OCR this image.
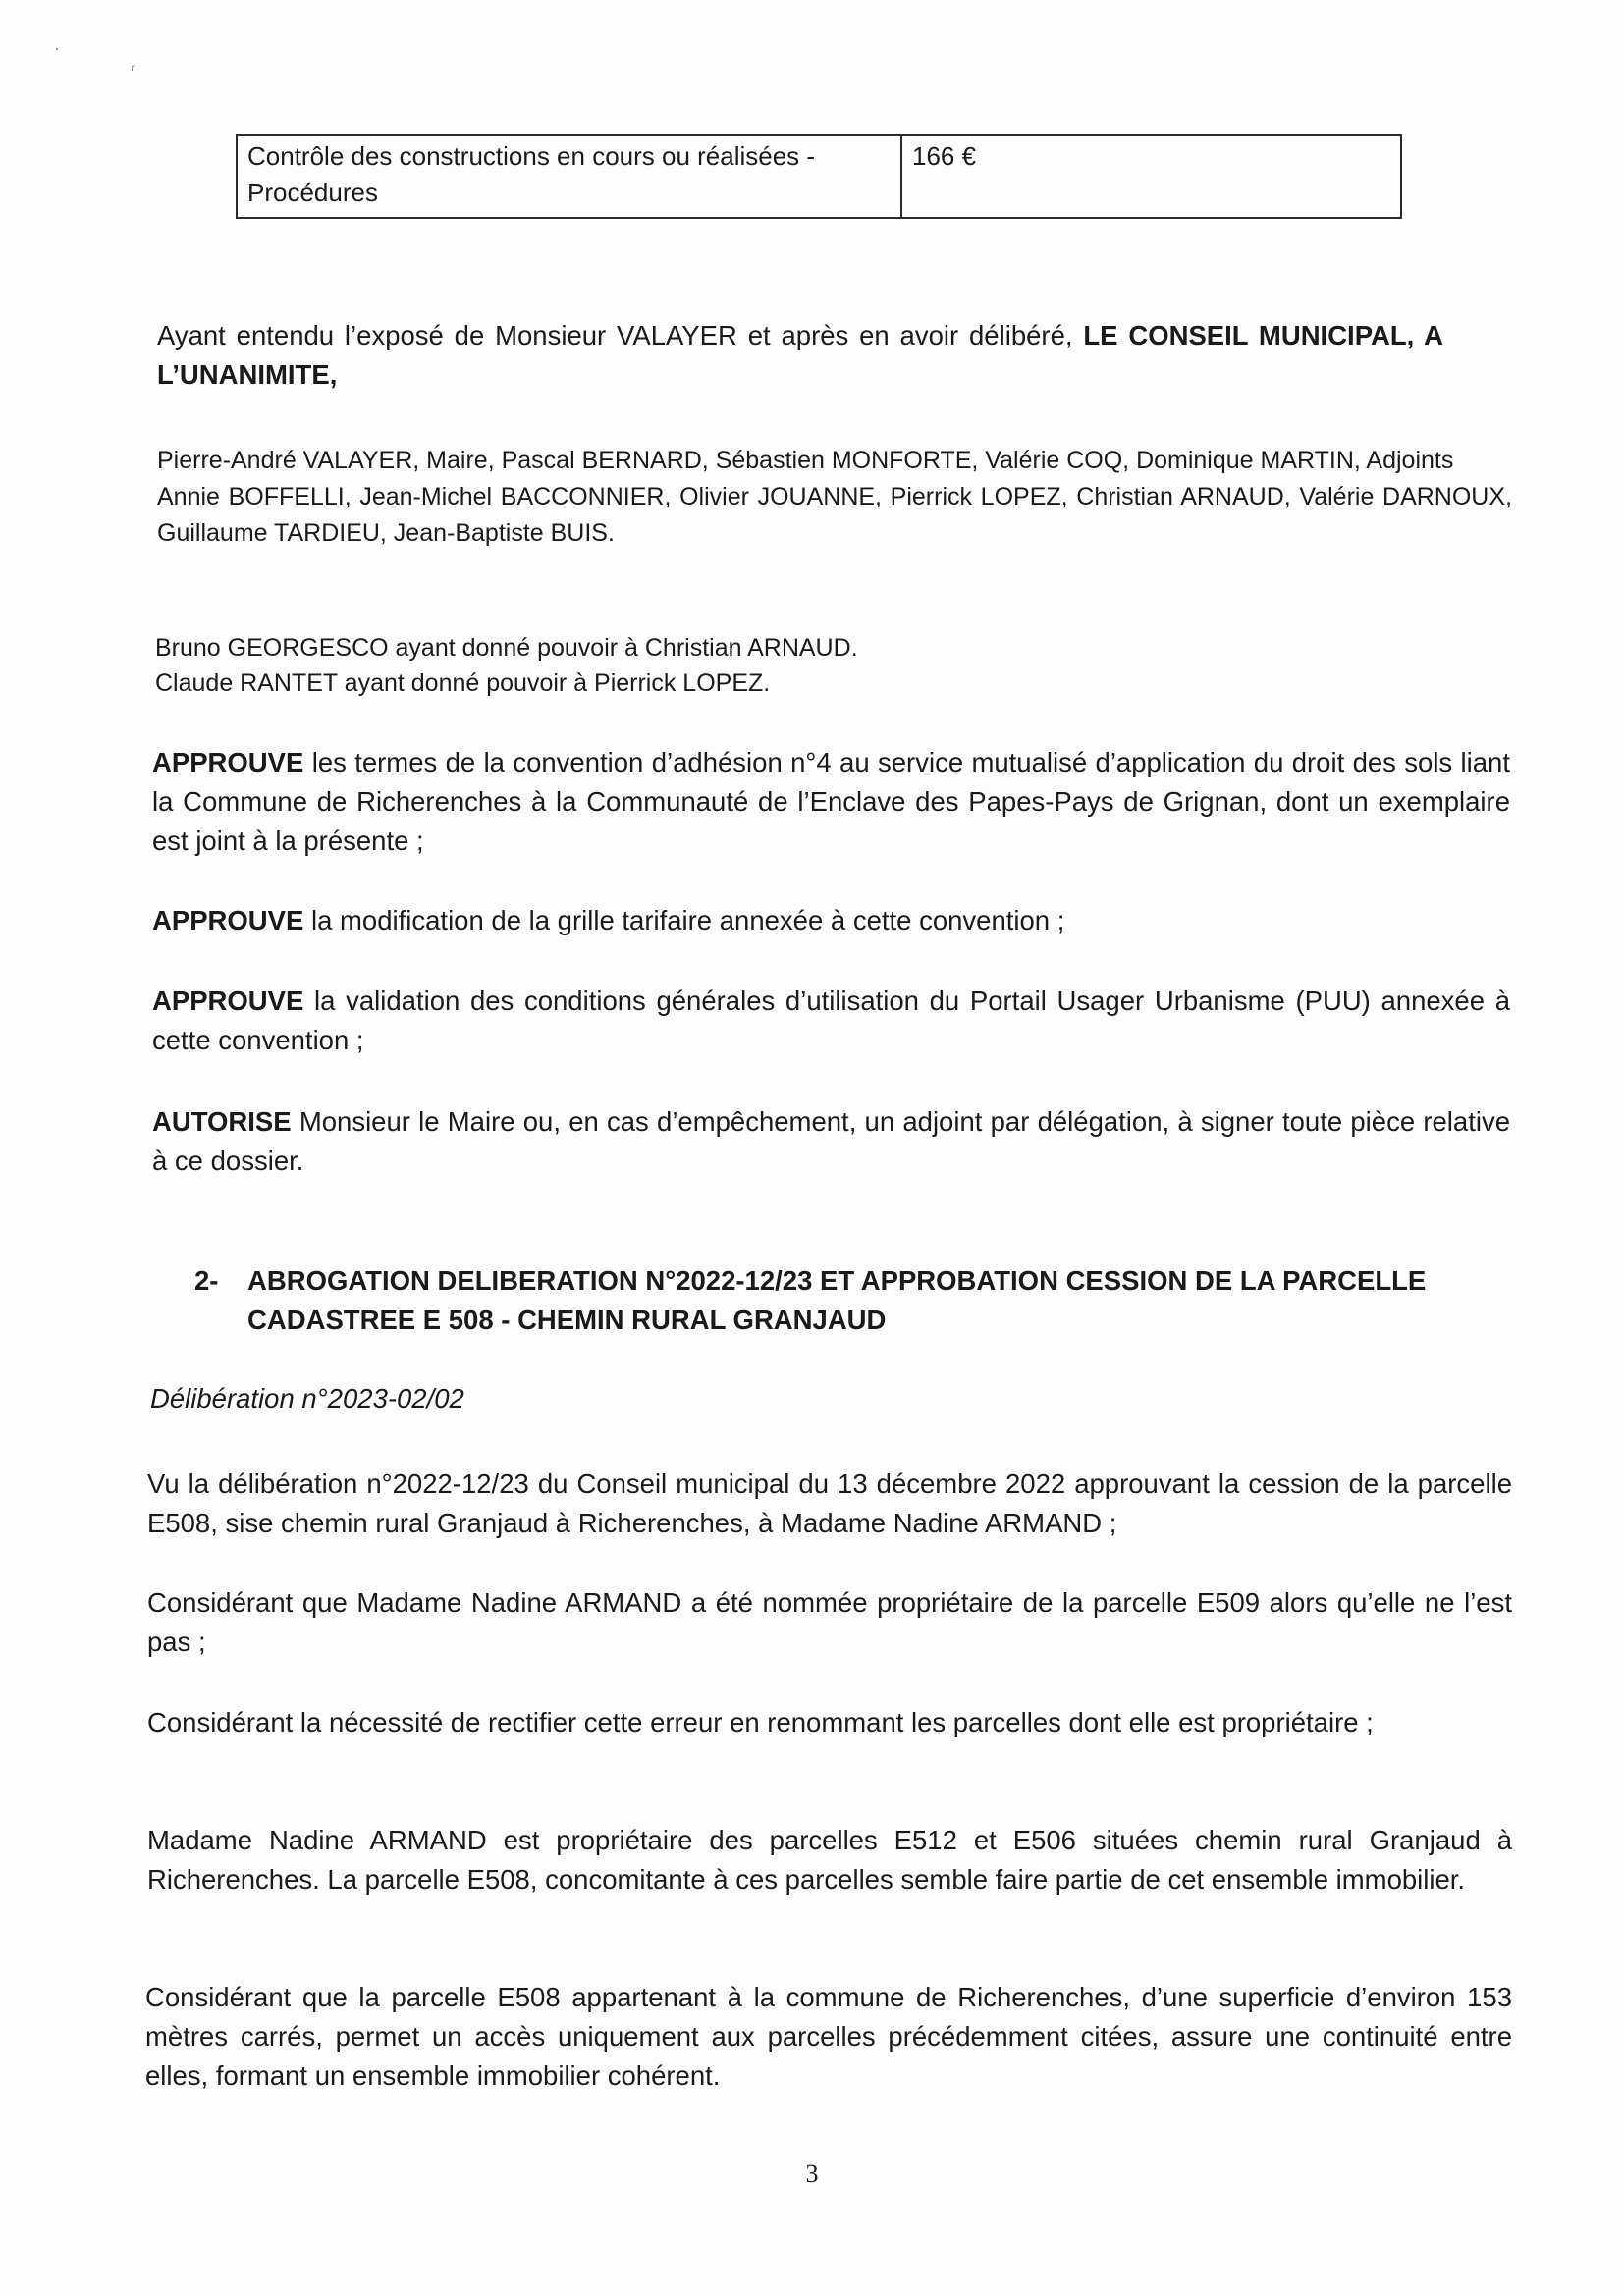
·
ʳ
Contrôle des constructions en cours ou réalisées - Procédures	166 €

Ayant entendu l’exposé de Monsieur VALAYER et après en avoir délibéré, LE CONSEIL MUNICIPAL, A L’UNANIMITE,

Pierre-André VALAYER, Maire, Pascal BERNARD, Sébastien MONFORTE, Valérie COQ, Dominique MARTIN, Adjoints
Annie BOFFELLI, Jean-Michel BACCONNIER, Olivier JOUANNE, Pierrick LOPEZ, Christian ARNAUD, Valérie DARNOUX, Guillaume TARDIEU, Jean-Baptiste BUIS.

Bruno GEORGESCO ayant donné pouvoir à Christian ARNAUD.
Claude RANTET ayant donné pouvoir à Pierrick LOPEZ.

APPROUVE les termes de la convention d’adhésion n°4 au service mutualisé d’application du droit des sols liant la Commune de Richerenches à la Communauté de l’Enclave des Papes-Pays de Grignan, dont un exemplaire est joint à la présente ;

APPROUVE la modification de la grille tarifaire annexée à cette convention ;

APPROUVE la validation des conditions générales d’utilisation du Portail Usager Urbanisme (PUU) annexée à cette convention ;

AUTORISE Monsieur le Maire ou, en cas d’empêchement, un adjoint par délégation, à signer toute pièce relative à ce dossier.

2- ABROGATION DELIBERATION N°2022-12/23 ET APPROBATION CESSION DE LA PARCELLE CADASTREE E 508 - CHEMIN RURAL GRANJAUD

Délibération n°2023-02/02

Vu la délibération n°2022-12/23 du Conseil municipal du 13 décembre 2022 approuvant la cession de la parcelle E508, sise chemin rural Granjaud à Richerenches, à Madame Nadine ARMAND ;

Considérant que Madame Nadine ARMAND a été nommée propriétaire de la parcelle E509 alors qu’elle ne l’est pas ;

Considérant la nécessité de rectifier cette erreur en renommant les parcelles dont elle est propriétaire ;

Madame Nadine ARMAND est propriétaire des parcelles E512 et E506 situées chemin rural Granjaud à Richerenches. La parcelle E508, concomitante à ces parcelles semble faire partie de cet ensemble immobilier.

Considérant que la parcelle E508 appartenant à la commune de Richerenches, d’une superficie d’environ 153 mètres carrés, permet un accès uniquement aux parcelles précédemment citées, assure une continuité entre elles, formant un ensemble immobilier cohérent.

3
